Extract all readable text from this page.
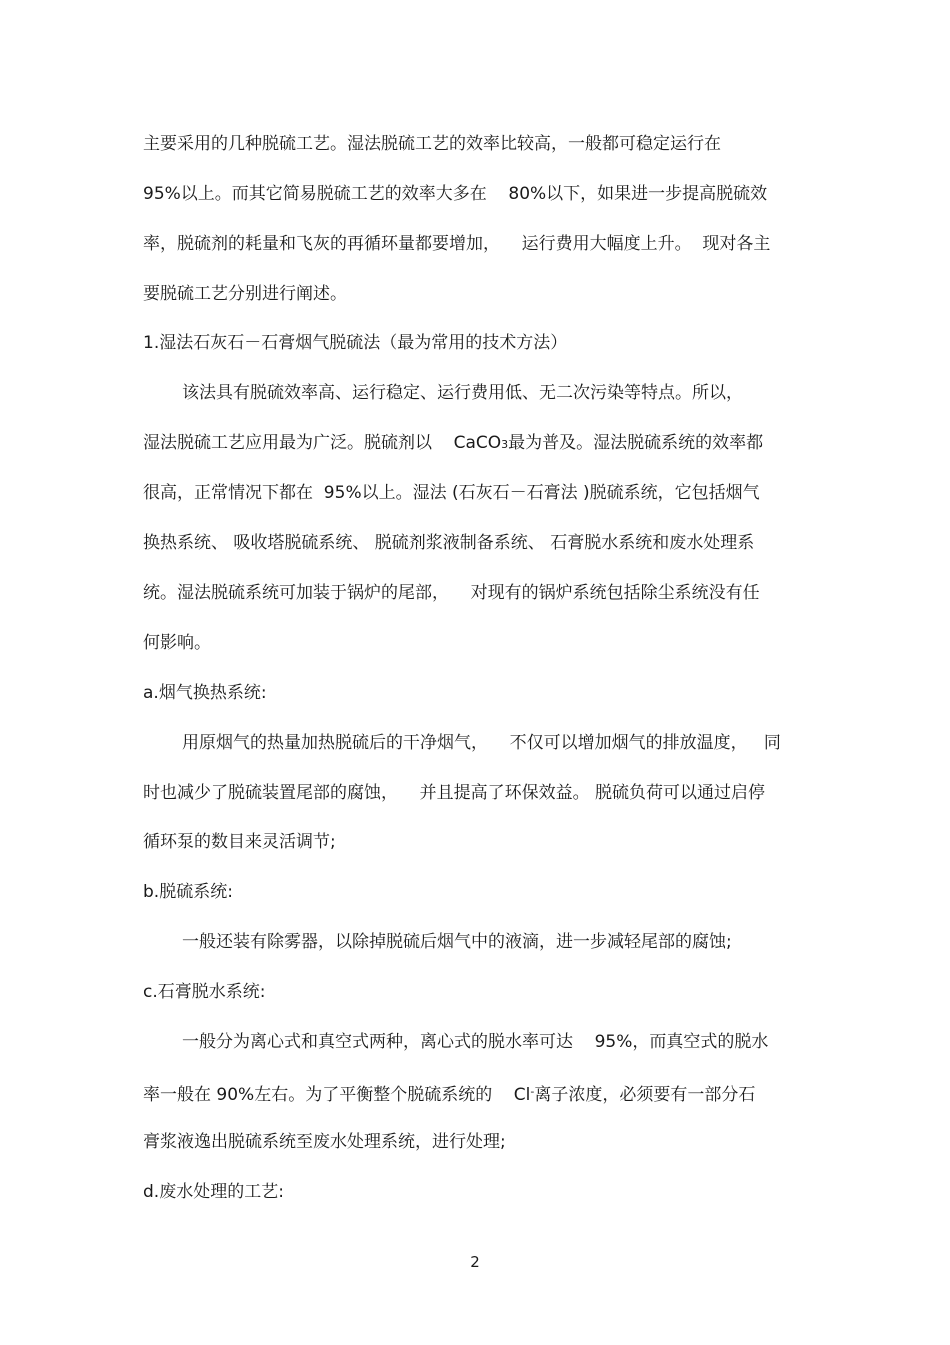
主要采用的几种脱硫工艺。湿法脱硫工艺的效率比较高，一般都可稳定运行在
95%以上。而其它简易脱硫工艺的效率大多在    80%以下，如果进一步提高脱硫效
率，脱硫剂的耗量和飞灰的再循环量都要增加，    运行费用大幅度上升。  现对各主
要脱硫工艺分别进行阐述。
1.湿法石灰石－石膏烟气脱硫法（最为常用的技术方法）
该法具有脱硫效率高、运行稳定、运行费用低、无二次污染等特点。所以，
湿法脱硫工艺应用最为广泛。脱硫剂以    CaCO3最为普及。湿法脱硫系统的效率都
很高，正常情况下都在  95%以上。湿法 (石灰石－石膏法 )脱硫系统，它包括烟气
换热系统、 吸收塔脱硫系统、 脱硫剂浆液制备系统、 石膏脱水系统和废水处理系
统。湿法脱硫系统可加装于锅炉的尾部，    对现有的锅炉系统包括除尘系统没有任
何影响。
a.烟气换热系统:
用原烟气的热量加热脱硫后的干净烟气，    不仅可以增加烟气的排放温度，   同
时也减少了脱硫装置尾部的腐蚀，    并且提高了环保效益。 脱硫负荷可以通过启停
循环泵的数目来灵活调节;
b.脱硫系统:
一般还装有除雾器，以除掉脱硫后烟气中的液滴，进一步减轻尾部的腐蚀;
c.石膏脱水系统:
一般分为离心式和真空式两种，离心式的脱水率可达    95%，而真空式的脱水
率一般在 90%左右。为了平衡整个脱硫系统的    Cl-离子浓度，必须要有一部分石
膏浆液逸出脱硫系统至废水处理系统，进行处理;
d.废水处理的工艺:
2
